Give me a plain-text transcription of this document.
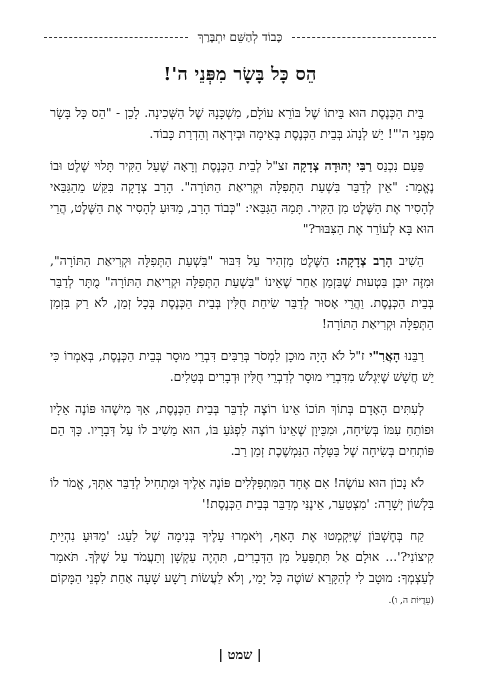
כָּבוֹד לְהַשֵּׁם יִתְבָּרַךְ
הֵס כָּל בָּשָׂר מִפְּנֵי ה'!

בֵּית הַכְּנֶסֶת הוּא בֵּיתוֹ שֶׁל בּוֹרֵא עוֹלָם, מִשְׁכָּנָהּ שֶׁל הַשְּׁכִינָה. לָכֵן - "הֵס כָּל בָּשָׂר מִפְּנֵי ה'"! יֵשׁ לְנָהֹג בְּבֵית הַכְּנֶסֶת בְּאֵימָה וּבְיִרְאָה וְהַדְרַת כָּבוֹד.

פַּעַם נִכְנַס רַבִּי יְהוּדָה צְדָקָה זצ"ל לְבֵית הַכְּנֶסֶת וְרָאָה שֶׁעַל הַקִּיר תָּלוּי שֶׁלֶט וּבוֹ נֶאֱמַר: "אֵין לְדַבֵּר בִּשְׁעַת הַתְּפִלָּה וּקְרִיאַת הַתּוֹרָה". הָרַב צְדָקָה בִּקֵּשׁ מֵהַגַּבַּאי לְהָסִיר אֶת הַשֶּׁלֶט מִן הַקִּיר. תָּמַהּ הַגַּבַּאי: "כְּבוֹד הָרַב, מַדּוּעַ לְהָסִיר אֶת הַשֶּׁלֶט, הֲרֵי הוּא בָּא לְעוֹרֵר אֶת הַצִּבּוּר?"

הֵשִׁיב הָרַב צְדָקָה: הַשֶּׁלֶט מַזְהִיר עַל דִּבּוּר "בִּשְׁעַת הַתְּפִלָּה וּקְרִיאַת הַתּוֹרָה", וּמִזֶּה יוּבַן בִּטְעוּת שֶׁבִּזְמַן אַחֵר שֶׁאֵינוֹ "בִּשְׁעַת הַתְּפִלָּה וּקְרִיאַת הַתּוֹרָה" מֻתָּר לְדַבֵּר בְּבֵית הַכְּנֶסֶת. וַהֲרֵי אָסוּר לְדַבֵּר שִׂיחַת חֻלִּין בְּבֵית הַכְּנֶסֶת בְּכָל זְמַן, לֹא רַק בִּזְמַן הַתְּפִלָּה וּקְרִיאַת הַתּוֹרָה!

רַבֵּנוּ הָאֲרִ"י ז"ל לֹא הָיָה מוּכָן לִמְסֹר בְּרַבִּים דִּבְרֵי מוּסָר בְּבֵית הַכְּנֶסֶת, בְּאָמְרוֹ כִּי יֵשׁ חֲשָׁשׁ שֶׁיִּגְלֹשׁ מִדִּבְרֵי מוּסָר לְדִבְרֵי חֻלִּין וּדְבָרִים בְּטֵלִים.

לְעִתִּים הָאָדָם בְּתוֹךְ תּוֹכוֹ אֵינוֹ רוֹצֶה לְדַבֵּר בְּבֵית הַכְּנֶסֶת, אַךְ מִישֶׁהוּ פּוֹנֶה אֵלָיו וּפוֹתֵחַ עִמּוֹ בְּשִׂיחָה, וּמִכֵּיוָן שֶׁאֵינוֹ רוֹצֶה לִפְגֹּעַ בּוֹ, הוּא מֵשִׁיב לוֹ עַל דְּבָרָיו. כָּךְ הֵם פּוֹתְחִים בְּשִׂיחָה שֶׁל בַּטָּלָה הַנִּמְשֶׁכֶת זְמַן רַב.

לֹא נָכוֹן הוּא עוֹשֶׂה! אִם אֶחָד הַמִּתְפַּלְּלִים פּוֹנֶה אֵלֶיךָ וּמַתְחִיל לְדַבֵּר אִתְּךָ, אֱמֹר לוֹ בִּלְשׁוֹן יְשָׁרָה: 'מִצְטַעֵר, אֵינֶנִּי מְדַבֵּר בְּבֵית הַכְּנֶסֶת!'

קַח בְּחֶשְׁבּוֹן שֶׁיִּקְמְטוּ אֶת הָאַף, וְיֹאמְרוּ עָלֶיךָ בְּנִימָה שֶׁל לַעַג: 'מַדּוּעַ נִהְיֵיתָ קִיצוֹנִי?'... אוּלָם אַל תִּתְפַּעֵל מִן הַדְּבָרִים, תִּהְיֶה עַקְשָׁן וְתַעֲמֹד עַל שֶׁלְּךָ. תֹּאמַר לְעַצְמְךָ: מוּטָב לִי לְהִקָּרֵא שׁוֹטֶה כָּל יָמַי, וְלֹא לַעֲשׂוֹת רָשָׁע שָׁעָה אַחַת לִפְנֵי הַמָּקוֹם (עֵדֻיּוֹת ה, ו).

| שמט |
